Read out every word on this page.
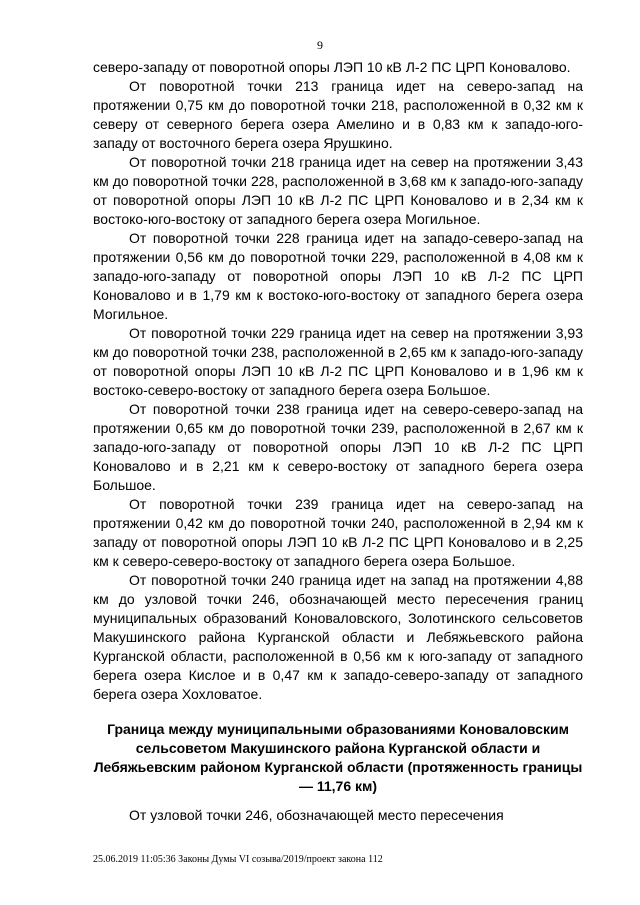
9

северо-западу от поворотной опоры ЛЭП 10 кВ Л-2 ПС ЦРП Коновалово.

От поворотной точки 213 граница идет на северо-запад на протяжении 0,75 км до поворотной точки 218, расположенной в 0,32 км к северу от северного берега озера Амелино и в 0,83 км к западо-юго-западу от восточного берега озера Ярушкино.

От поворотной точки 218 граница идет на север на протяжении 3,43 км до поворотной точки 228, расположенной в 3,68 км к западо-юго-западу от поворотной опоры ЛЭП 10 кВ Л-2 ПС ЦРП Коновалово и в 2,34 км к востоко-юго-востоку от западного берега озера Могильное.

От поворотной точки 228 граница идет на западо-северо-запад на протяжении 0,56 км до поворотной точки 229, расположенной в 4,08 км к западо-юго-западу от поворотной опоры ЛЭП 10 кВ Л-2 ПС ЦРП Коновалово и в 1,79 км к востоко-юго-востоку от западного берега озера Могильное.

От поворотной точки 229 граница идет на север на протяжении 3,93 км до поворотной точки 238, расположенной в 2,65 км к западо-юго-западу от поворотной опоры ЛЭП 10 кВ Л-2 ПС ЦРП Коновалово и в 1,96 км к востоко-северо-востоку от западного берега озера Большое.

От поворотной точки 238 граница идет на северо-северо-запад на протяжении 0,65 км до поворотной точки 239, расположенной в 2,67 км к западо-юго-западу от поворотной опоры ЛЭП 10 кВ Л-2 ПС ЦРП Коновалово и в 2,21 км к северо-востоку от западного берега озера Большое.

От поворотной точки 239 граница идет на северо-запад на протяжении 0,42 км до поворотной точки 240, расположенной в 2,94 км к западу от поворотной опоры ЛЭП 10 кВ Л-2 ПС ЦРП Коновалово и в 2,25 км к северо-северо-востоку от западного берега озера Большое.

От поворотной точки 240 граница идет на запад на протяжении 4,88 км до узловой точки 246, обозначающей место пересечения границ муниципальных образований Коноваловского, Золотинского сельсоветов Макушинского района Курганской области и Лебяжьевского района Курганской области, расположенной в 0,56 км к юго-западу от западного берега озера Кислое и в 0,47 км к западо-северо-западу от западного берега озера Хохловатое.

Граница между муниципальными образованиями Коноваловским сельсоветом Макушинского района Курганской области и Лебяжьевским районом Курганской области (протяженность границы — 11,76 км)

От узловой точки 246, обозначающей место пересечения

25.06.2019 11:05:36 Законы Думы VI созыва/2019/проект закона 112
